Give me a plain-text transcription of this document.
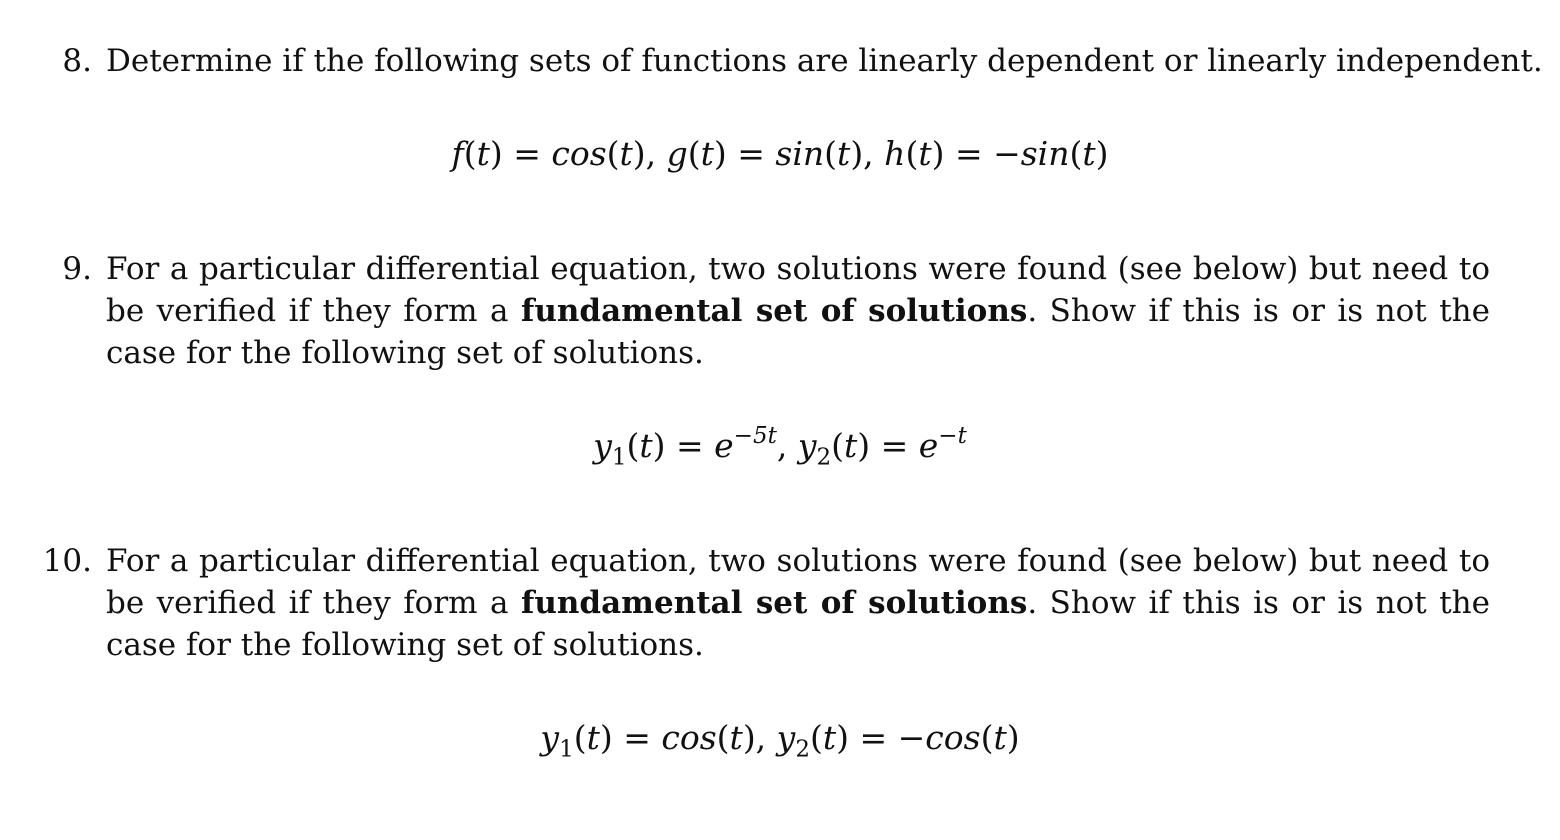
8. Determine if the following sets of functions are linearly dependent or linearly independent.
f(t) = cos(t), g(t) = sin(t), h(t) = −sin(t)
9. For a particular differential equation, two solutions were found (see below) but need to be verified if they form a fundamental set of solutions. Show if this is or is not the case for the following set of solutions.
$y_1(t) = e^{-5t}$, $y_2(t) = e^{-t}$
10. For a particular differential equation, two solutions were found (see below) but need to be verified if they form a fundamental set of solutions. Show if this is or is not the case for the following set of solutions.
$y_1(t) = \cos(t)$, $y_2(t) = -\cos(t)$
